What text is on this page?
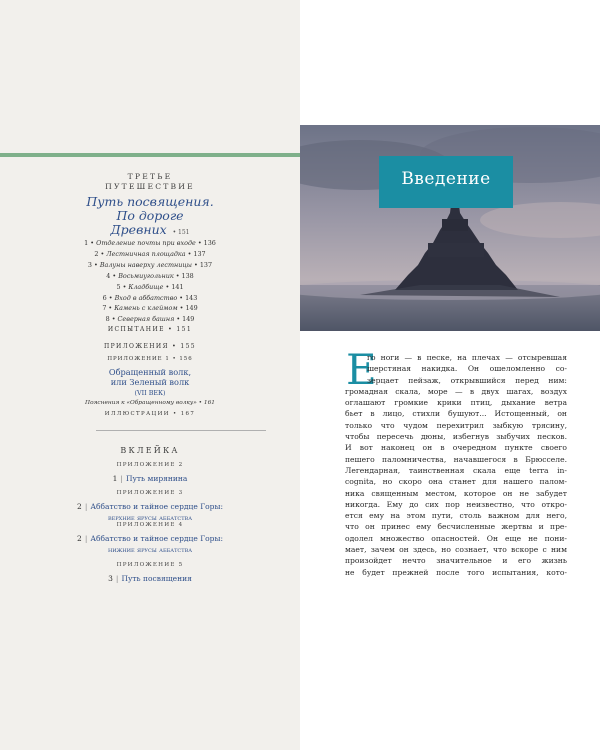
ТРЕТЬЕ
ПУТЕШЕСТВИЕ
Путь посвящения.
По дороге
Древних  • 151
1 • Отделение почты при входе • 136
2 • Лестничная площадка • 137
3 • Валуны наверху лестницы • 137
4 • Восьмиугольник • 138
5 • Кладбище • 141
6 • Вход в аббатство • 143
7 • Камень с клеймом • 149
8 • Северная башня • 149
ИСПЫТАНИЕ • 151
ПРИЛОЖЕНИЯ • 155
ПРИЛОЖЕНИЕ 1 • 156
Обращенный волк,
или Зеленый волк
(VII ВЕК)
Пояснения к «Обращенному волку» • 161
ИЛЛЮСТРАЦИИ • 167
ВКЛЕЙКА
ПРИЛОЖЕНИЕ 2
1 | Путь мирянина
ПРИЛОЖЕНИЕ 3
2 | Аббатство и тайное сердце Горы:
верхние ярусы аббатства
ПРИЛОЖЕНИЕ 4
2 | Аббатство и тайное сердце Горы:
нижние ярусы аббатства
ПРИЛОЖЕНИЕ 5
3 | Путь посвящения
Введение
Е
го ноги — в песке, на плечах — отсыревшая
шерстяная накидка. Он ошеломленно со-
зерцает пейзаж, открывшийся перед ним:
громадная скала, море — в двух шагах, воздух
оглашают громкие крики птиц, дыхание ветра
бьет в лицо, стихли бушуют... Истощенный, он
только что чудом перехитрил зыбкую трясину,
чтобы пересечь дюны, избегнув зыбучих песков.
И вот наконец он в очередном пункте своего
пешего паломничества, начавшегося в Брюсселе.
Легендарная, таинственная скала еще terra in-
cognita, но скоро она станет для нашего палом-
ника священным местом, которое он не забудет
никогда. Ему до сих пор неизвестно, что откро-
ется ему на этом пути, столь важном для него,
что он принес ему бесчисленные жертвы и пре-
одолел множество опасностей. Он еще не пони-
мает, зачем он здесь, но сознает, что вскоре с ним
произойдет нечто значительное и его жизнь
не будет прежней после того испытания, кото-
